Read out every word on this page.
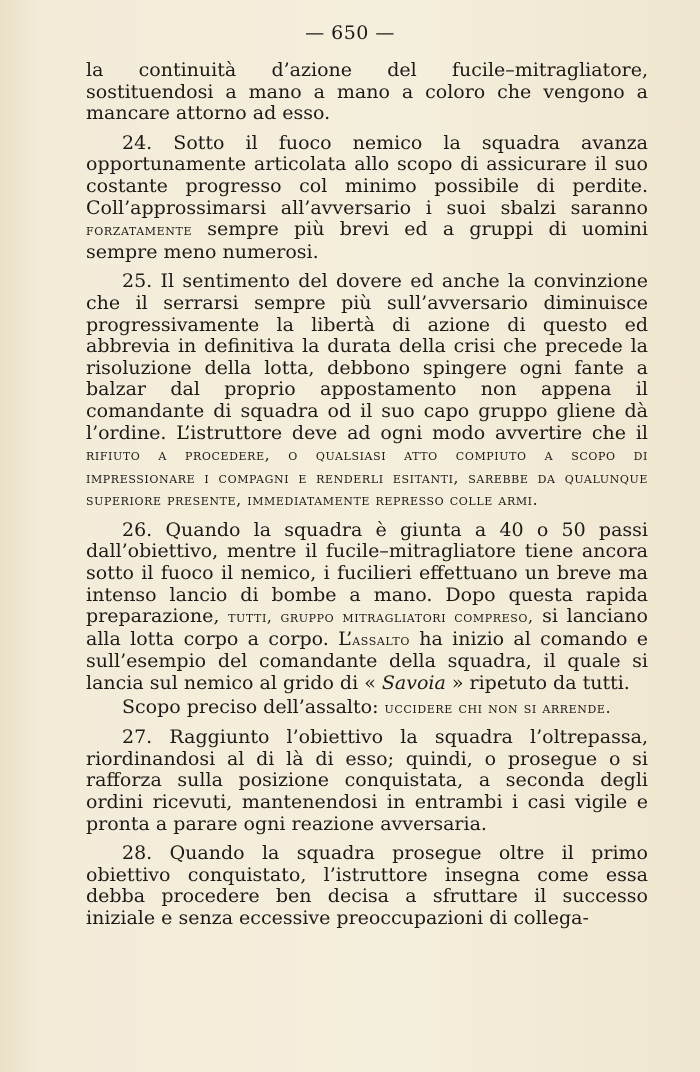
— 650 —

la continuità d’azione del fucile–mitragliatore, sostituendosi a mano a mano a coloro che vengono a mancare attorno ad esso.

24. Sotto il fuoco nemico la squadra avanza opportunamente articolata allo scopo di assicurare il suo costante progresso col minimo possibile di perdite. Coll’approssimarsi all’avversario i suoi sbalzi saranno forzatamente sempre più brevi ed a gruppi di uomini sempre meno numerosi.

25. Il sentimento del dovere ed anche la convinzione che il serrarsi sempre più sull’avversario diminuisce progressivamente la libertà di azione di questo ed abbrevia in definitiva la durata della crisi che precede la risoluzione della lotta, debbono spingere ogni fante a balzar dal proprio appostamento non appena il comandante di squadra od il suo capo gruppo gliene dà l’ordine. L’istruttore deve ad ogni modo avvertire che il rifiuto a procedere, o qualsiasi atto compiuto a scopo di impressionare i compagni e renderli esitanti, sarebbe da qualunque superiore presente, immediatamente represso colle armi.

26. Quando la squadra è giunta a 40 o 50 passi dall’obiettivo, mentre il fucile–mitragliatore tiene ancora sotto il fuoco il nemico, i fucilieri effettuano un breve ma intenso lancio di bombe a mano. Dopo questa rapida preparazione, tutti, gruppo mitragliatori compreso, si lanciano alla lotta corpo a corpo. L’assalto ha inizio al comando e sull’esempio del comandante della squadra, il quale si lancia sul nemico al grido di « Savoia » ripetuto da tutti.

Scopo preciso dell’assalto: uccidere chi non si arrende.

27. Raggiunto l’obiettivo la squadra l’oltrepassa, riordinandosi al di là di esso; quindi, o prosegue o si rafforza sulla posizione conquistata, a seconda degli ordini ricevuti, mantenendosi in entrambi i casi vigile e pronta a parare ogni reazione avversaria.

28. Quando la squadra prosegue oltre il primo obiettivo conquistato, l’istruttore insegna come essa debba procedere ben decisa a sfruttare il successo iniziale e senza eccessive preoccupazioni di collega-
